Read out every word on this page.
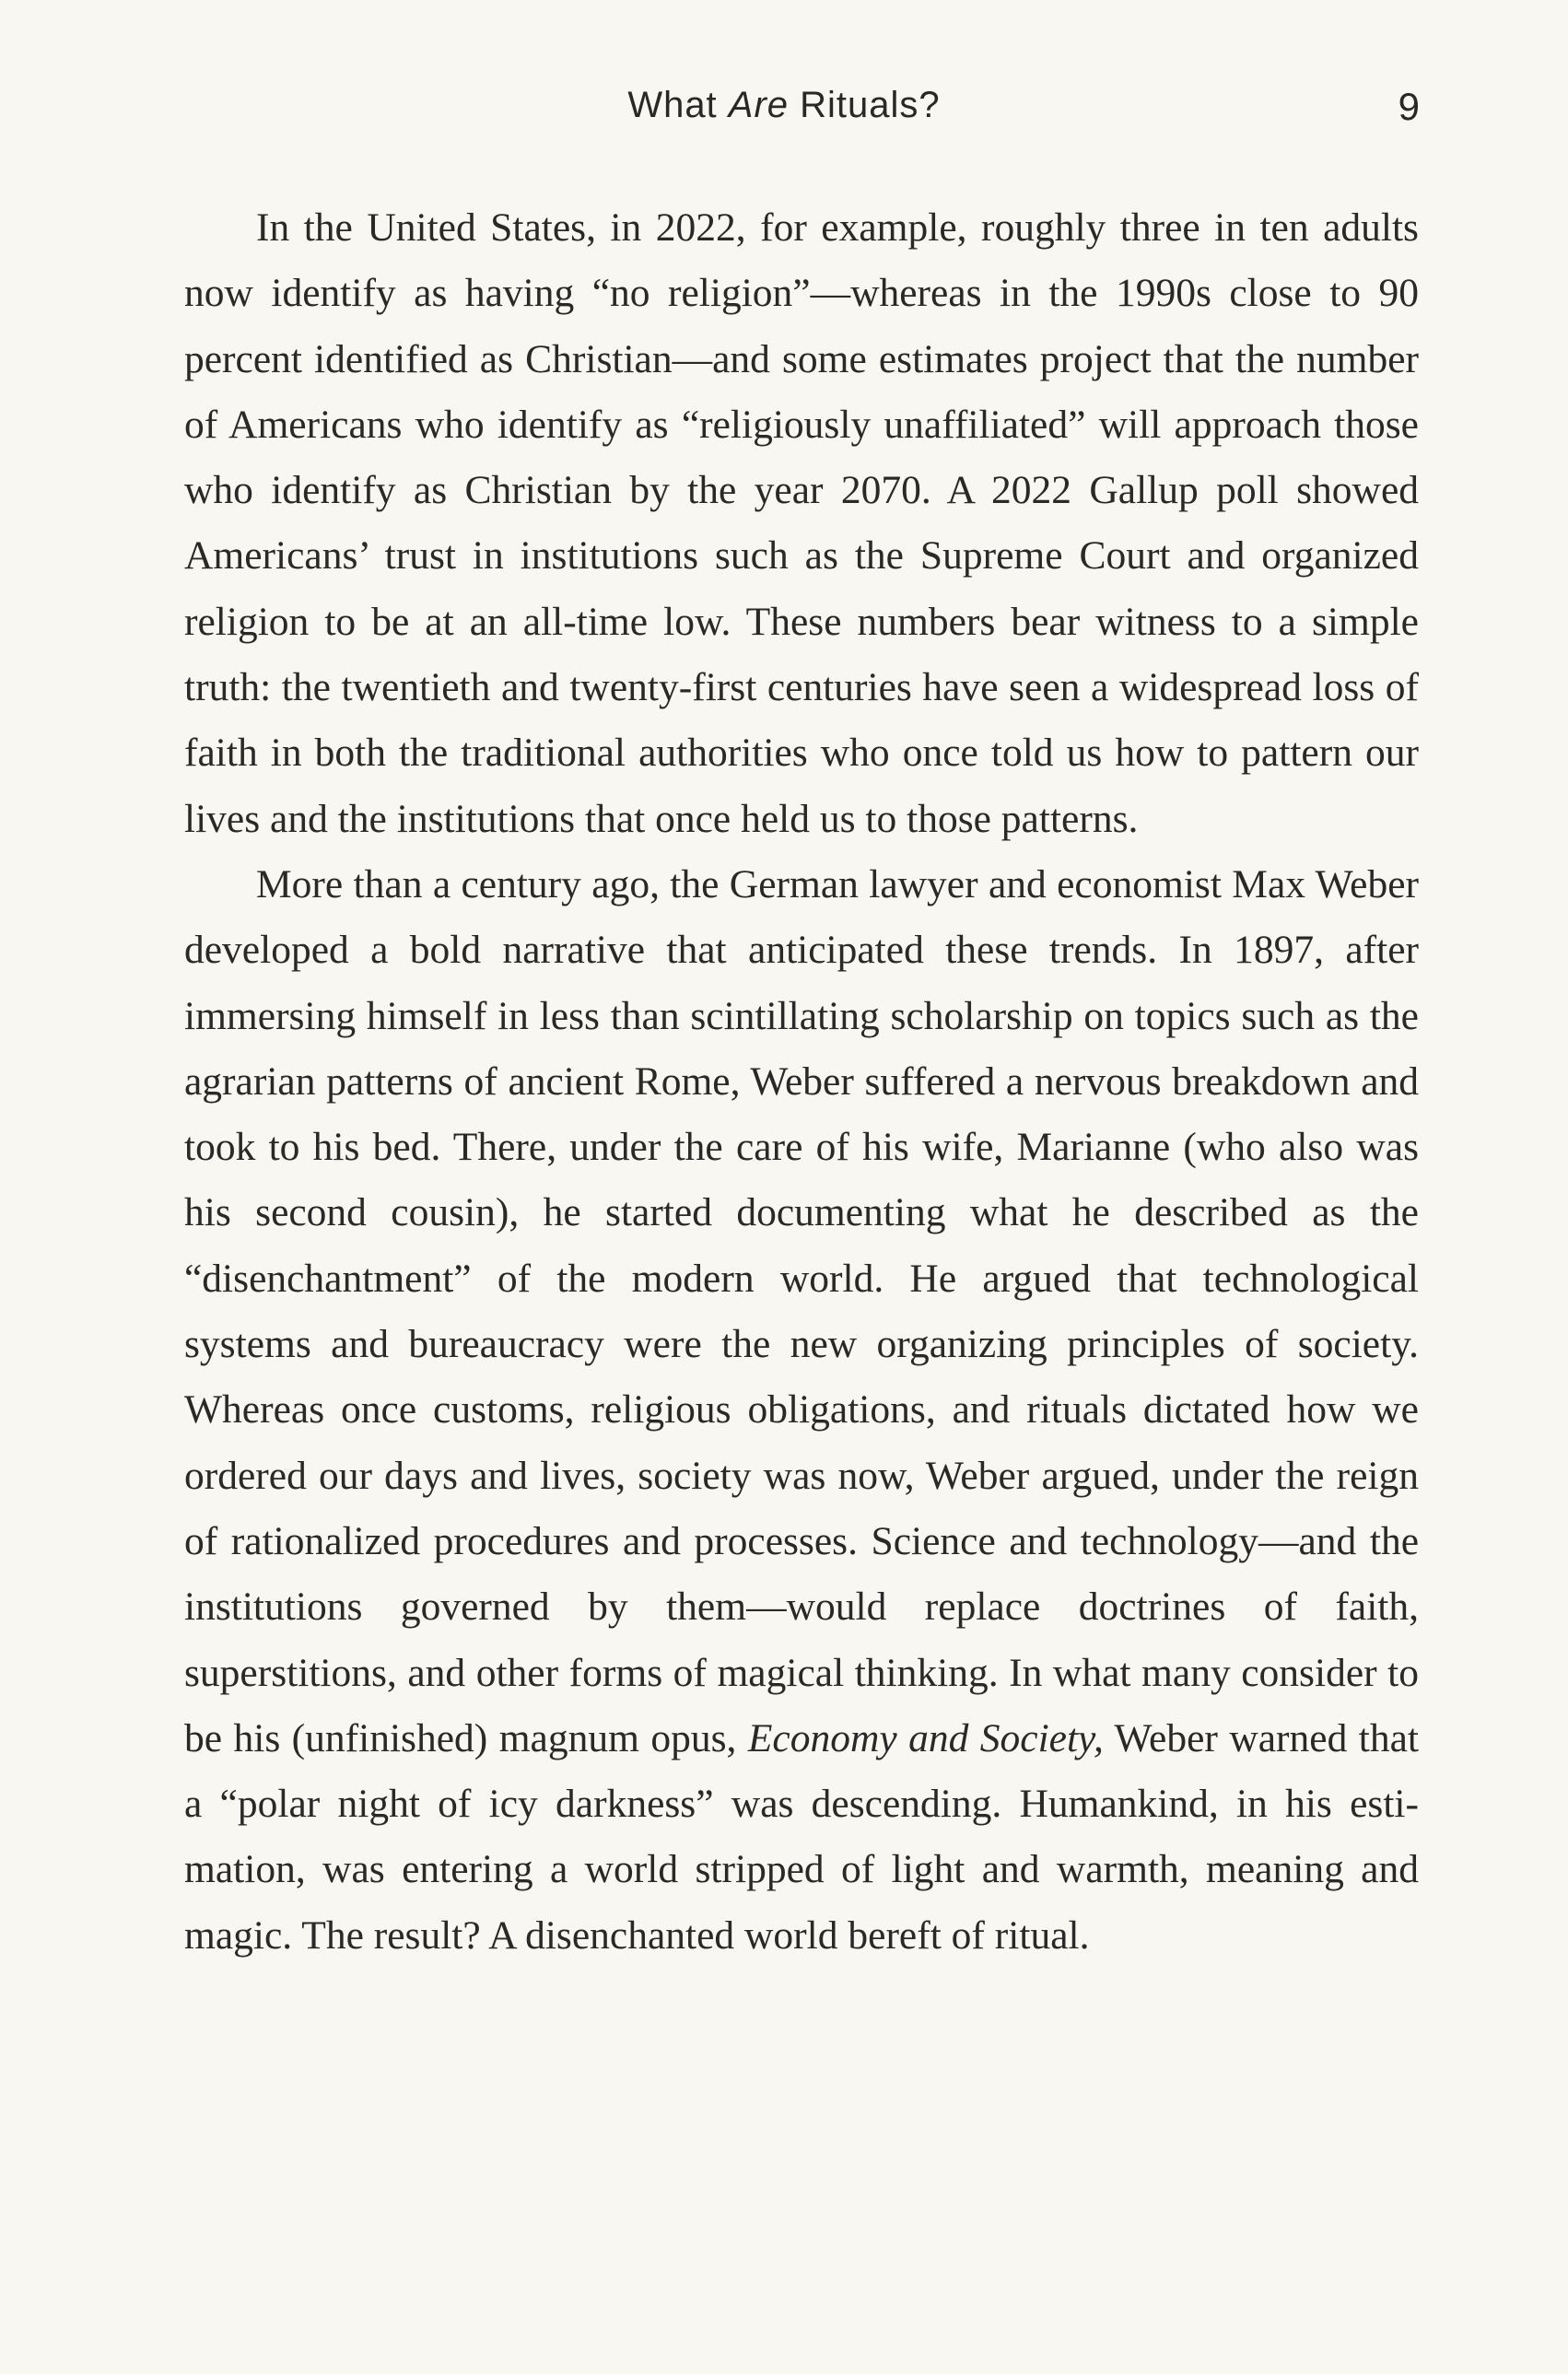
What Are Rituals?	9

In the United States, in 2022, for example, roughly three in ten adults now identify as having “no religion”—whereas in the 1990s close to 90 percent identified as Christian—and some estimates project that the number of Americans who identify as “religiously unaffiliated” will approach those who identify as Christian by the year 2070. A 2022 Gallup poll showed Americans’ trust in institutions such as the Supreme Court and organized religion to be at an all-time low. These numbers bear witness to a simple truth: the twentieth and twenty-first centuries have seen a widespread loss of faith in both the traditional authorities who once told us how to pattern our lives and the institutions that once held us to those patterns.

More than a century ago, the German lawyer and economist Max Weber developed a bold narrative that anticipated these trends. In 1897, after immersing himself in less than scintillating scholarship on topics such as the agrarian patterns of ancient Rome, Weber suffered a nervous breakdown and took to his bed. There, under the care of his wife, Marianne (who also was his second cousin), he started documenting what he described as the “disenchantment” of the modern world. He argued that technological systems and bureaucracy were the new organizing principles of society. Whereas once customs, religious obligations, and rituals dictated how we ordered our days and lives, society was now, Weber argued, under the reign of rationalized procedures and processes. Science and technology—and the institutions governed by them—would replace doctrines of faith, superstitions, and other forms of magical thinking. In what many consider to be his (unfinished) magnum opus, Economy and Society, Weber warned that a “polar night of icy darkness” was descending. Humankind, in his estimation, was entering a world stripped of light and warmth, meaning and magic. The result? A disenchanted world bereft of ritual.
